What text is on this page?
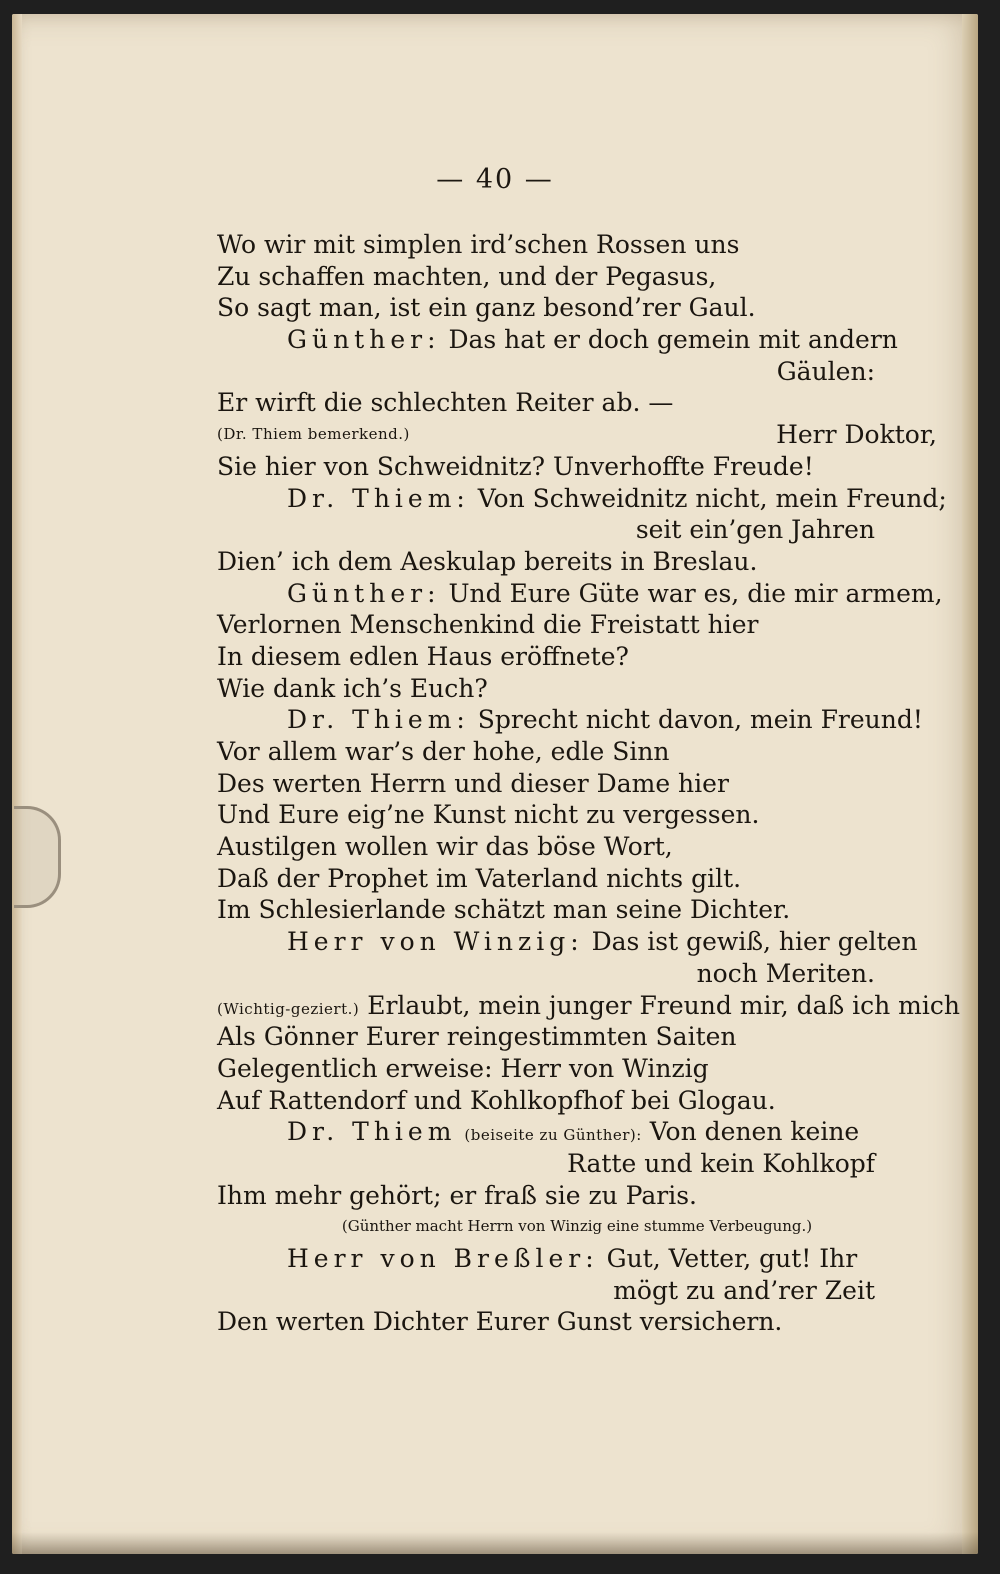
— 40 —
Wo wir mit simplen ird’schen Rossen uns
Zu schaffen machten, und der Pegasus,
So sagt man, ist ein ganz besond’rer Gaul.
Günther: Das hat er doch gemein mit andern
Gäulen:
Er wirft die schlechten Reiter ab. —
(Dr. Thiem bemerkend.)	Herr Doktor,
Sie hier von Schweidnitz? Unverhoffte Freude!
Dr. Thiem: Von Schweidnitz nicht, mein Freund;
seit ein’gen Jahren
Dien’ ich dem Aeskulap bereits in Breslau.
Günther: Und Eure Güte war es, die mir armem,
Verlornen Menschenkind die Freistatt hier
In diesem edlen Haus eröffnete?
Wie dank ich’s Euch?
Dr. Thiem: Sprecht nicht davon, mein Freund!
Vor allem war’s der hohe, edle Sinn
Des werten Herrn und dieser Dame hier
Und Eure eig’ne Kunst nicht zu vergessen.
Austilgen wollen wir das böse Wort,
Daß der Prophet im Vaterland nichts gilt.
Im Schlesierlande schätzt man seine Dichter.
Herr von Winzig: Das ist gewiß, hier gelten
noch Meriten.
(Wichtig-geziert.) Erlaubt, mein junger Freund mir, daß ich mich
Als Gönner Eurer reingestimmten Saiten
Gelegentlich erweise: Herr von Winzig
Auf Rattendorf und Kohlkopfhof bei Glogau.
Dr. Thiem (beiseite zu Günther): Von denen keine
Ratte und kein Kohlkopf
Ihm mehr gehört; er fraß sie zu Paris.
(Günther macht Herrn von Winzig eine stumme Verbeugung.)
Herr von Breßler: Gut, Vetter, gut! Ihr
mögt zu and’rer Zeit
Den werten Dichter Eurer Gunst versichern.
